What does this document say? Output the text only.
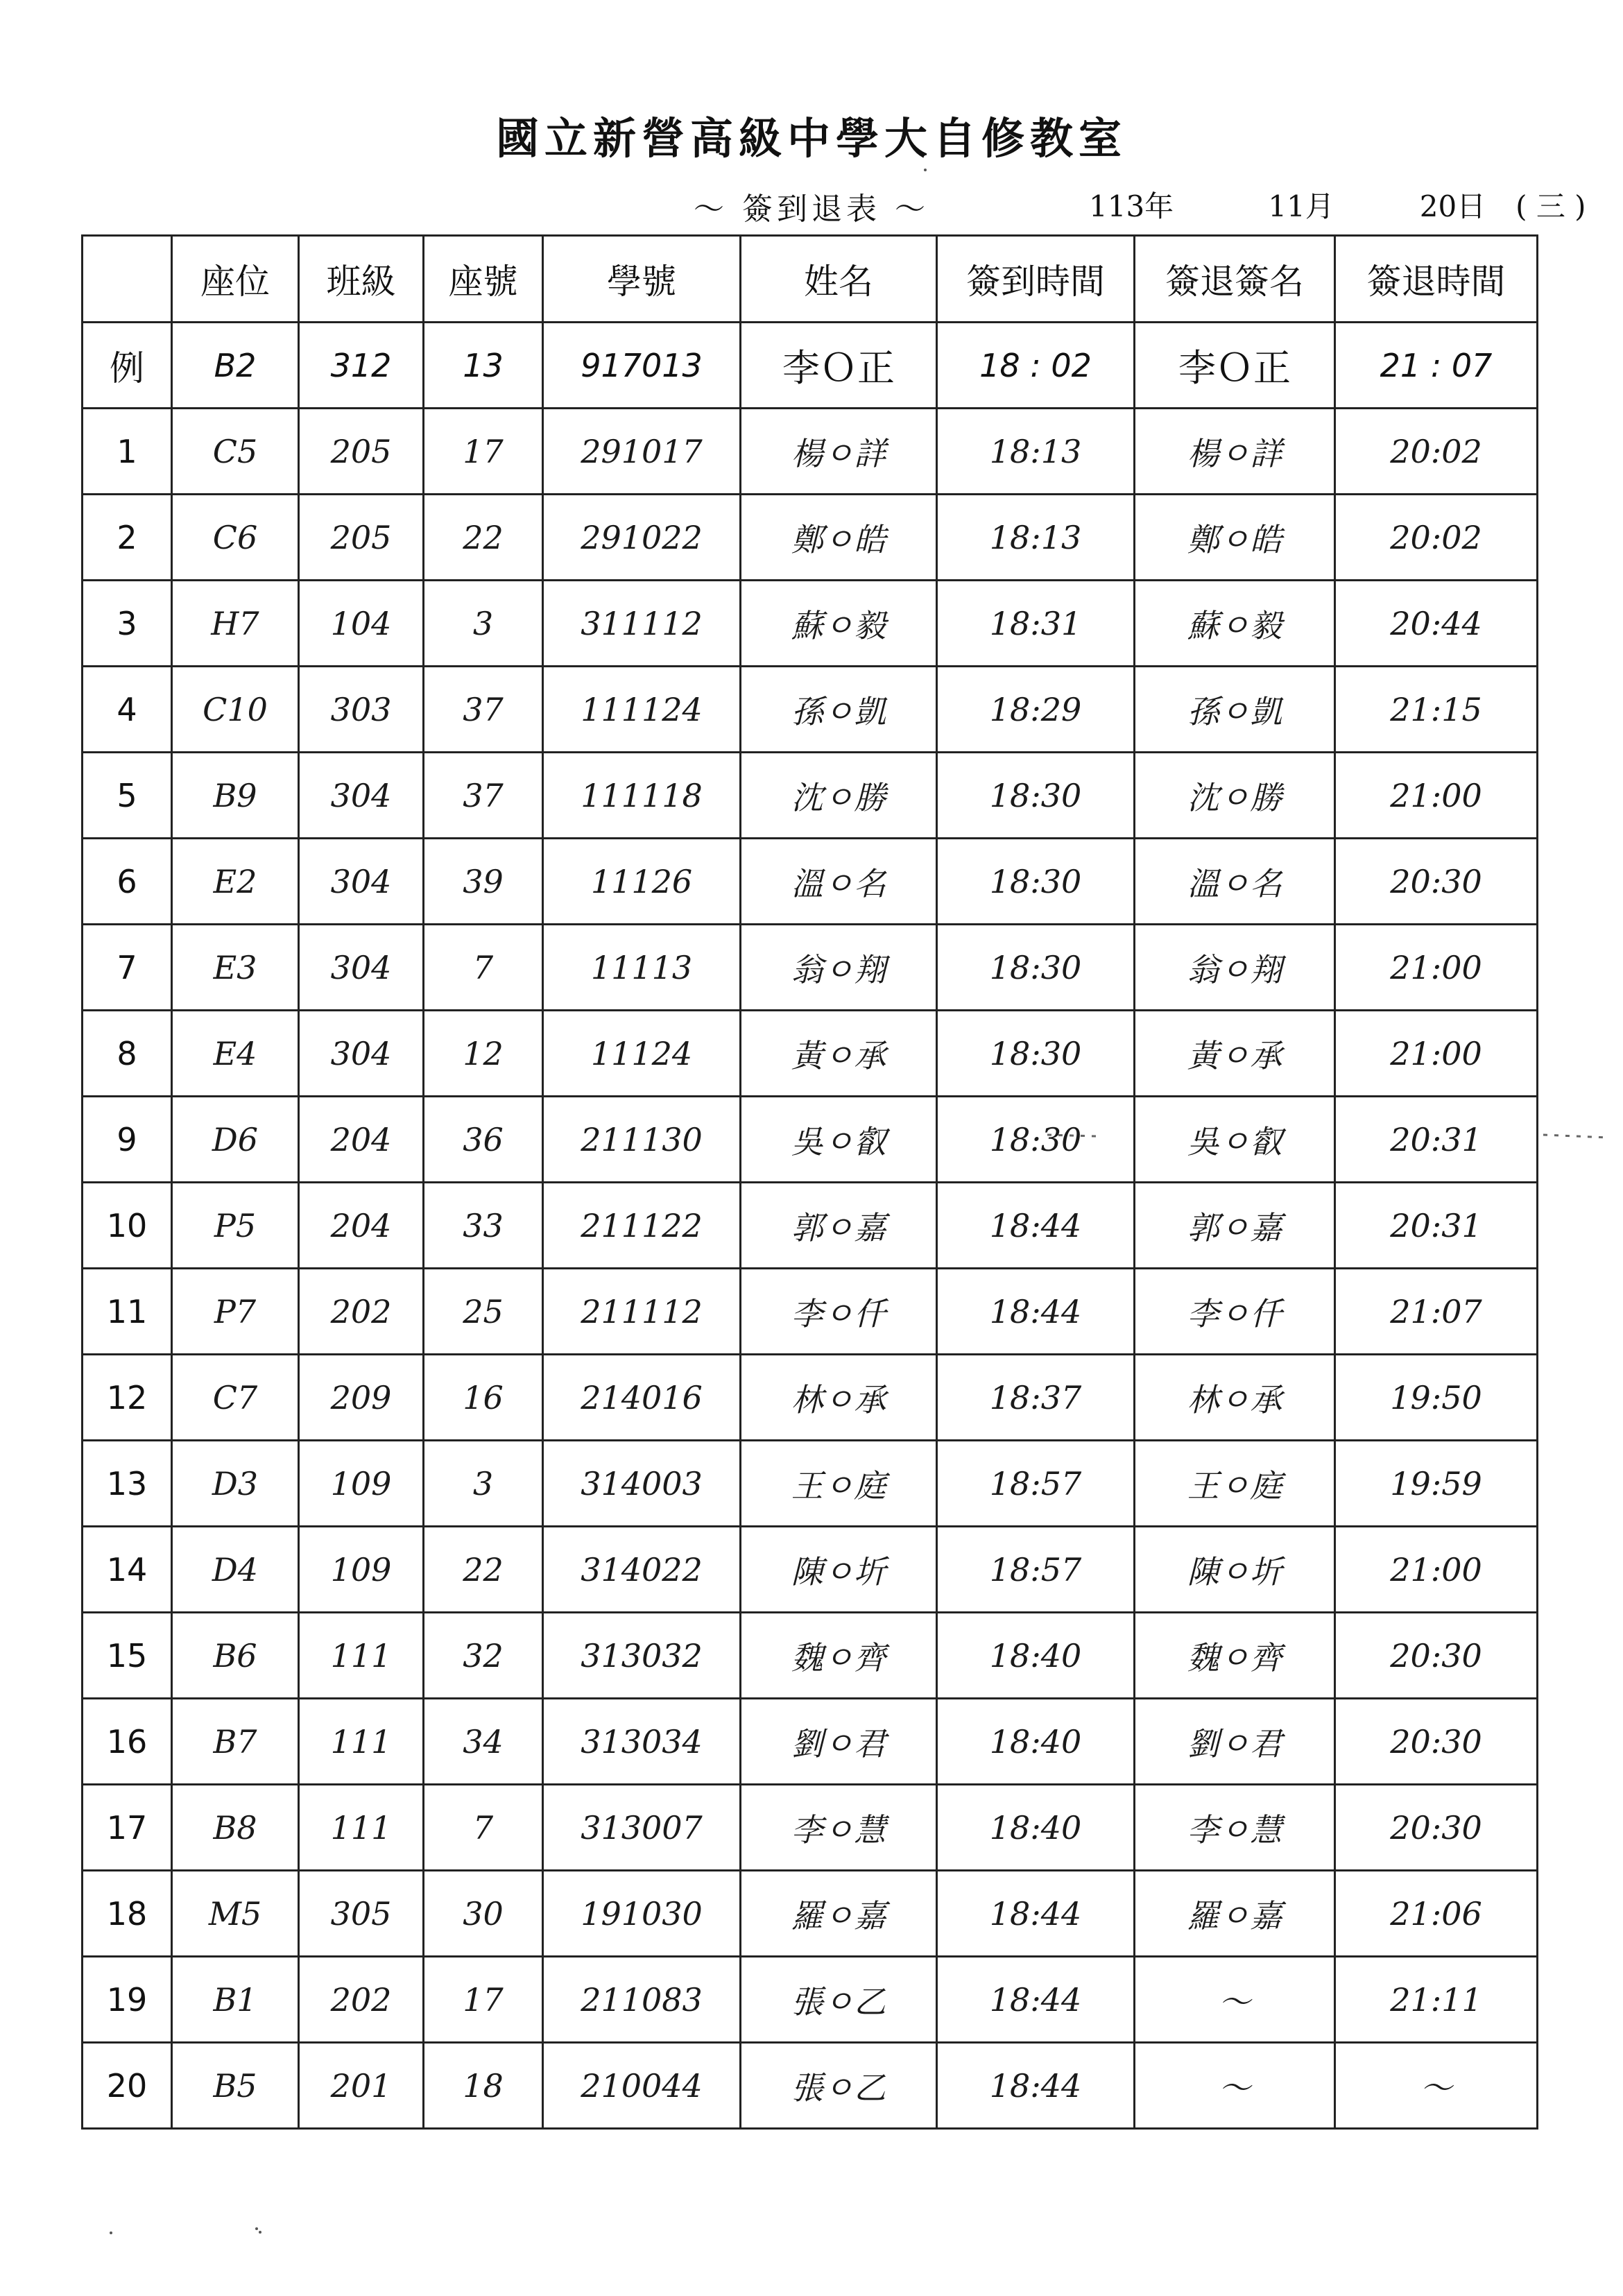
國立新營高級中學大自修教室
～ 簽到退表 ～	113年	11月	20日 ( 三 )
	座位	班級	座號	學號	姓名	簽到時間	簽退簽名	簽退時間
例	B2	312	13	917013	李Ｏ正	18 : 02	李Ｏ正	21 : 07
1	C5	205	17	291017	楊ㅇ詳	18:13	楊ㅇ詳	20:02
2	C6	205	22	291022	鄭ㅇ皓	18:13	鄭ㅇ皓	20:02
3	H7	104	3	311112	蘇ㅇ毅	18:31	蘇ㅇ毅	20:44
4	C10	303	37	111124	孫ㅇ凱	18:29	孫ㅇ凱	21:15
5	B9	304	37	111118	沈ㅇ勝	18:30	沈ㅇ勝	21:00
6	E2	304	39	11126	溫ㅇ名	18:30	溫ㅇ名	20:30
7	E3	304	7	11113	翁ㅇ翔	18:30	翁ㅇ翔	21:00
8	E4	304	12	11124	黃ㅇ承	18:30	黃ㅇ承	21:00
9	D6	204	36	211130	吳ㅇ叡	18:30	吳ㅇ叡	20:31
10	P5	204	33	211122	郭ㅇ嘉	18:44	郭ㅇ嘉	20:31
11	P7	202	25	211112	李ㅇ仟	18:44	李ㅇ仟	21:07
12	C7	209	16	214016	林ㅇ承	18:37	林ㅇ承	19:50
13	D3	109	3	314003	王ㅇ庭	18:57	王ㅇ庭	19:59
14	D4	109	22	314022	陳ㅇ圻	18:57	陳ㅇ圻	21:00
15	B6	111	32	313032	魏ㅇ齊	18:40	魏ㅇ齊	20:30
16	B7	111	34	313034	劉ㅇ君	18:40	劉ㅇ君	20:30
17	B8	111	7	313007	李ㅇ慧	18:40	李ㅇ慧	20:30
18	M5	305	30	191030	羅ㅇ嘉	18:44	羅ㅇ嘉	21:06
19	B1	202	17	211083	張ㅇ乙	18:44	～	21:11
20	B5	201	18	210044	張ㅇ乙	18:44	～	～
